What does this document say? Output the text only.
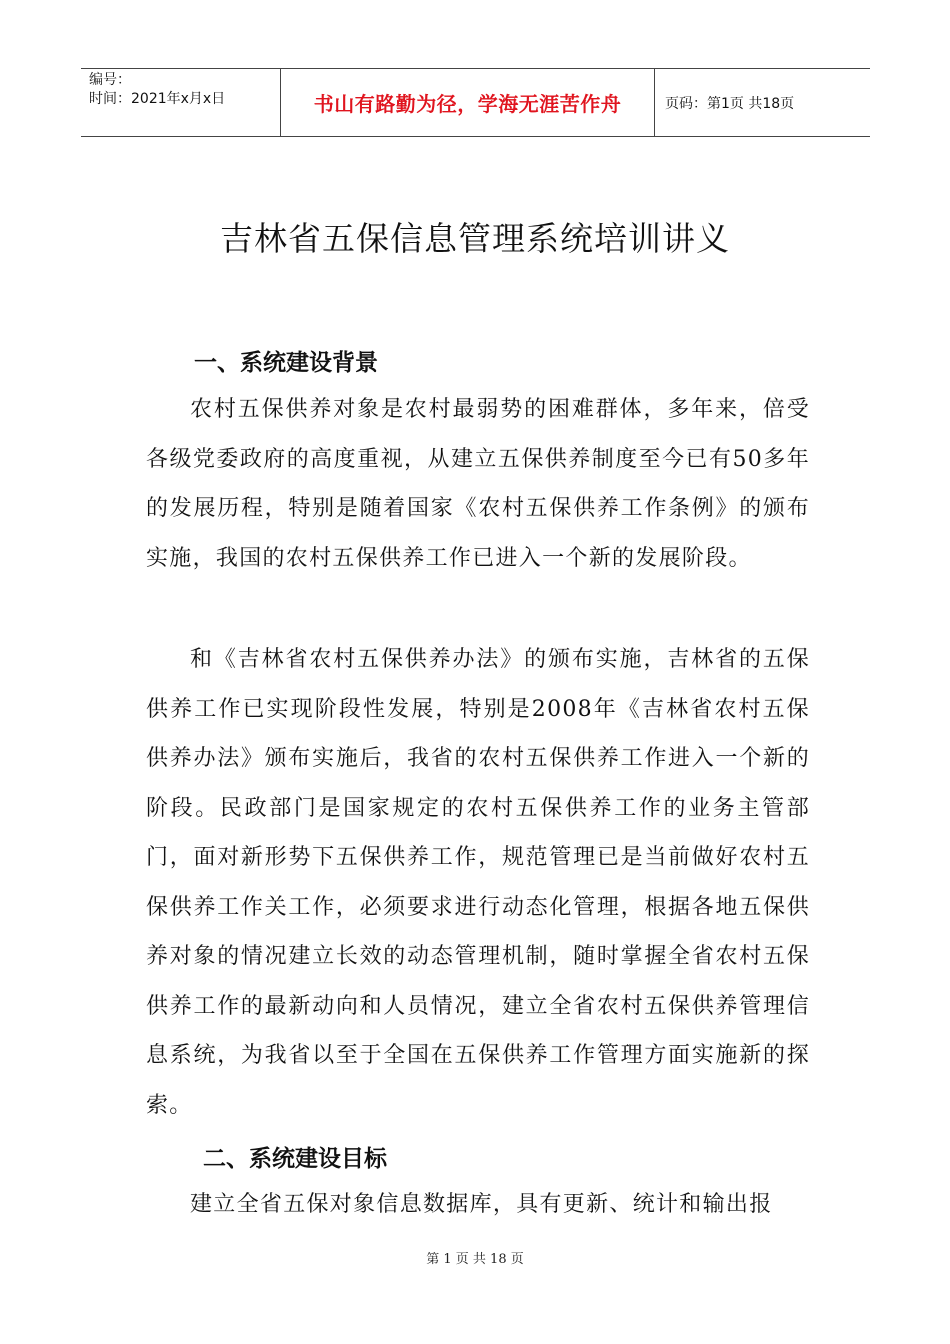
编号：
时间：2021年x月x日	书山有路勤为径，学海无涯苦作舟	页码：第1页 共18页
吉林省五保信息管理系统培训讲义
一、系统建设背景
农村五保供养对象是农村最弱势的困难群体，多年来，倍受各级党委政府的高度重视，从建立五保供养制度至今已有50多年的发展历程，特别是随着国家《农村五保供养工作条例》的颁布实施，我国的农村五保供养工作已进入一个新的发展阶段。
和《吉林省农村五保供养办法》的颁布实施，吉林省的五保供养工作已实现阶段性发展，特别是2008年《吉林省农村五保供养办法》颁布实施后，我省的农村五保供养工作进入一个新的阶段。民政部门是国家规定的农村五保供养工作的业务主管部门，面对新形势下五保供养工作，规范管理已是当前做好农村五保供养工作关工作，必须要求进行动态化管理，根据各地五保供养对象的情况建立长效的动态管理机制，随时掌握全省农村五保供养工作的最新动向和人员情况，建立全省农村五保供养管理信息系统，为我省以至于全国在五保供养工作管理方面实施新的探索。
二、系统建设目标
建立全省五保对象信息数据库，具有更新、统计和输出报
第 1 页 共 18 页
